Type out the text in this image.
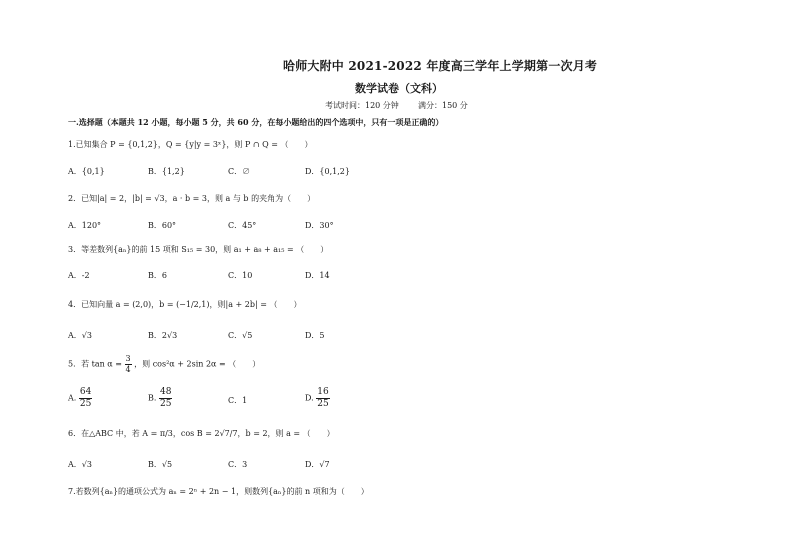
哈师大附中 2021-2022 年度高三学年上学期第一次月考
数学试卷（文科）
考试时间：120 分钟 满分：150 分
一.选择题（本题共 12 小题，每小题 5 分，共 60 分，在每小题给出的四个选项中，只有一项是正确的）
1.已知集合 P = {0,1,2}，Q = {y|y = 3ˣ}，则 P ∩ Q = （　　）
A．{0,1}	B．{1,2}	C．∅	D．{0,1,2}
2．已知|a| = 2，|b| = √3，a · b = 3，则 a 与 b 的夹角为（　　）
A．120°	B．60°	C．45°	D．30°
3．等差数列{aₙ}的前 15 项和 S₁₅ = 30，则 a₁ + a₈ + a₁₅ = （　　）
A．-2	B．6	C．10	D．14
4．已知向量 a = (2,0)，b = (−1/2,1)，则|a + 2b| = （　　）
A．√3	B．2√3	C．√5	D．5
5．若 $\tan \alpha = \frac{3}{4}$ ，则 cos²α + 2sin 2α = （　　）
A. $\frac{64}{25}$	B. $\frac{48}{25}$	C．1	D. $\frac{16}{25}$
6．在△ABC 中，若 A = π/3，cos B = 2√7/7，b = 2，则 a = （　　）
A．√3	B．√5	C．3	D．√7
7.若数列{aₙ}的通项公式为 aₙ = 2ⁿ + 2n − 1，则数列{aₙ}的前 n 项和为（　　）
